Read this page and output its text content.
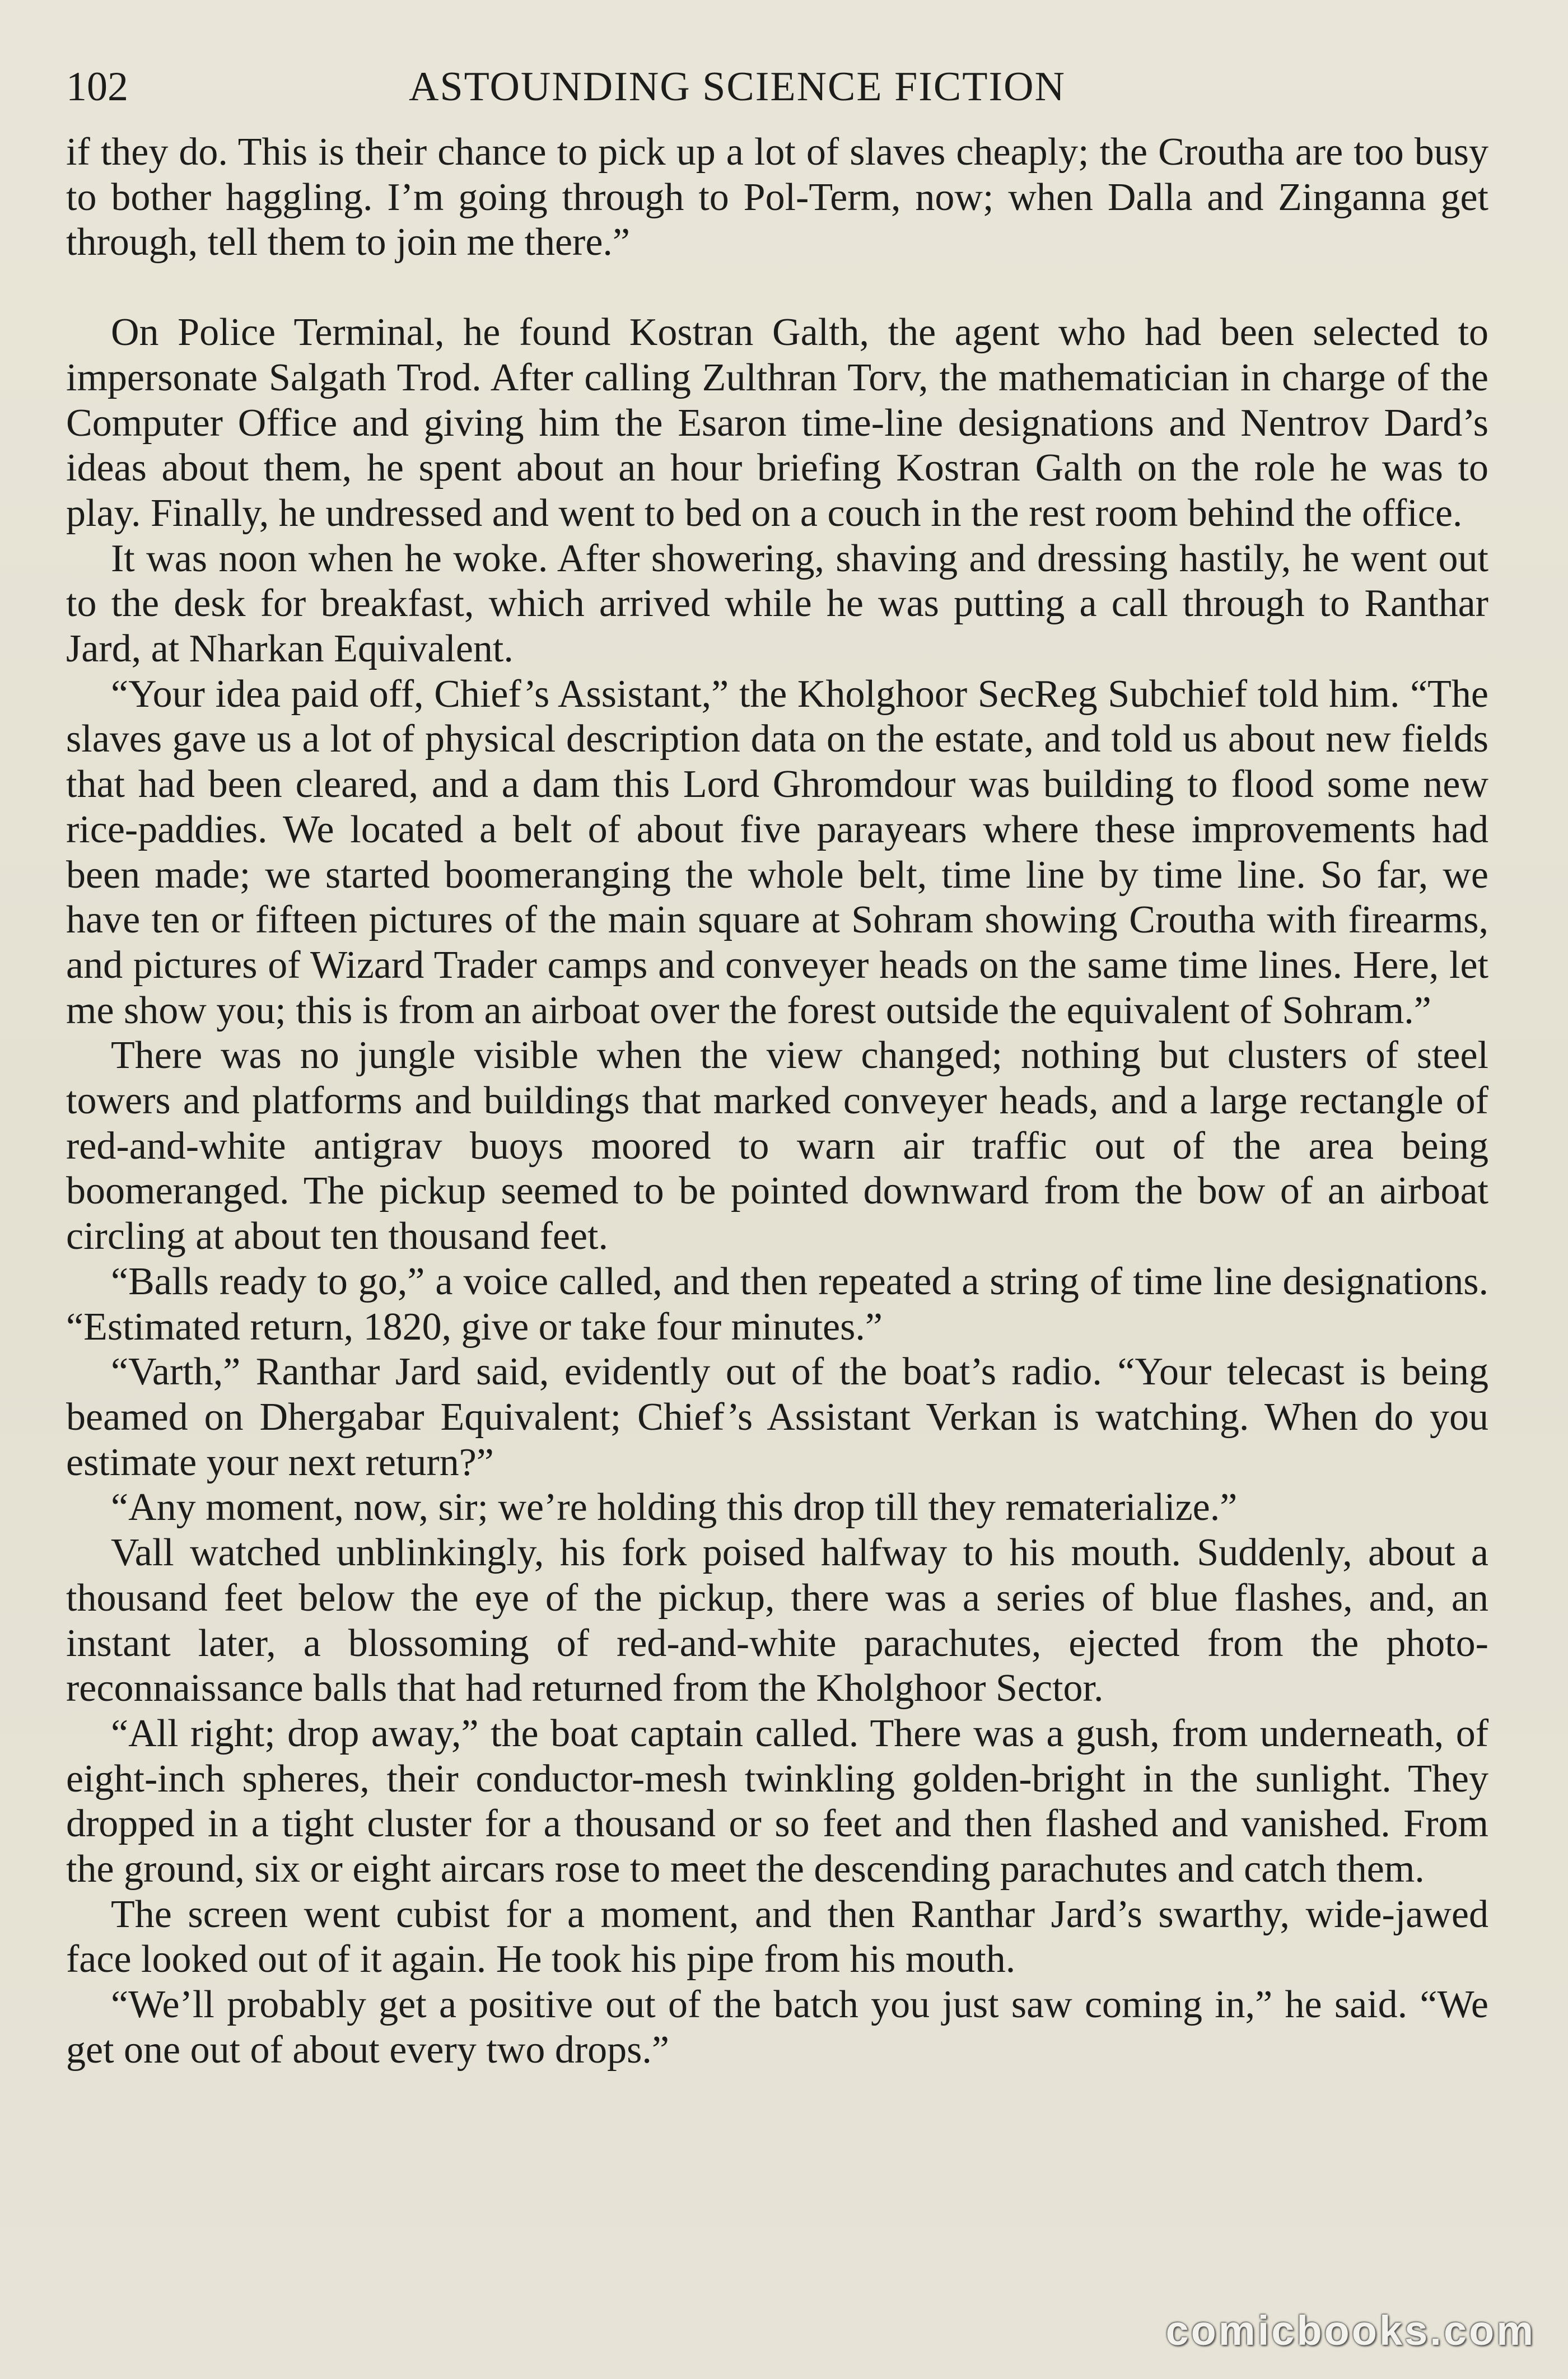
102	ASTOUNDING SCIENCE FICTION

if they do. This is their chance to pick up a lot of slaves cheaply; the Croutha are too busy to bother haggling. I’m going through to Pol-Term, now; when Dalla and Zinganna get through, tell them to join me there.”

On Police Terminal, he found Kostran Galth, the agent who had been selected to impersonate Salgath Trod. After calling Zulthran Torv, the mathematician in charge of the Computer Office and giving him the Esaron time-line designations and Nentrov Dard’s ideas about them, he spent about an hour briefing Kostran Galth on the role he was to play. Finally, he undressed and went to bed on a couch in the rest room behind the office.

It was noon when he woke. After showering, shaving and dressing hastily, he went out to the desk for breakfast, which arrived while he was putting a call through to Ranthar Jard, at Nharkan Equivalent.

“Your idea paid off, Chief’s Assistant,” the Kholghoor SecReg Subchief told him. “The slaves gave us a lot of physical description data on the estate, and told us about new fields that had been cleared, and a dam this Lord Ghromdour was building to flood some new rice-paddies. We located a belt of about five parayears where these improvements had been made; we started boomeranging the whole belt, time line by time line. So far, we have ten or fifteen pictures of the main square at Sohram showing Croutha with firearms, and pictures of Wizard Trader camps and conveyer heads on the same time lines. Here, let me show you; this is from an airboat over the forest outside the equivalent of Sohram.”

There was no jungle visible when the view changed; nothing but clusters of steel towers and platforms and buildings that marked conveyer heads, and a large rectangle of red-and-white antigrav buoys moored to warn air traffic out of the area being boomeranged. The pickup seemed to be pointed downward from the bow of an airboat circling at about ten thousand feet.

“Balls ready to go,” a voice called, and then repeated a string of time line designations. “Estimated return, 1820, give or take four minutes.”

“Varth,” Ranthar Jard said, evidently out of the boat’s radio. “Your telecast is being beamed on Dhergabar Equivalent; Chief’s Assistant Verkan is watching. When do you estimate your next return?”

“Any moment, now, sir; we’re holding this drop till they rematerialize.”

Vall watched unblinkingly, his fork poised halfway to his mouth. Suddenly, about a thousand feet below the eye of the pickup, there was a series of blue flashes, and, an instant later, a blossoming of red-and-white parachutes, ejected from the photo-reconnaissance balls that had returned from the Kholghoor Sector.

“All right; drop away,” the boat captain called. There was a gush, from underneath, of eight-inch spheres, their conductor-mesh twinkling golden-bright in the sunlight. They dropped in a tight cluster for a thousand or so feet and then flashed and vanished. From the ground, six or eight aircars rose to meet the descending parachutes and catch them.

The screen went cubist for a moment, and then Ranthar Jard’s swarthy, wide-jawed face looked out of it again. He took his pipe from his mouth.

“We’ll probably get a positive out of the batch you just saw coming in,” he said. “We get one out of about every two drops.”

comicbooks.com
